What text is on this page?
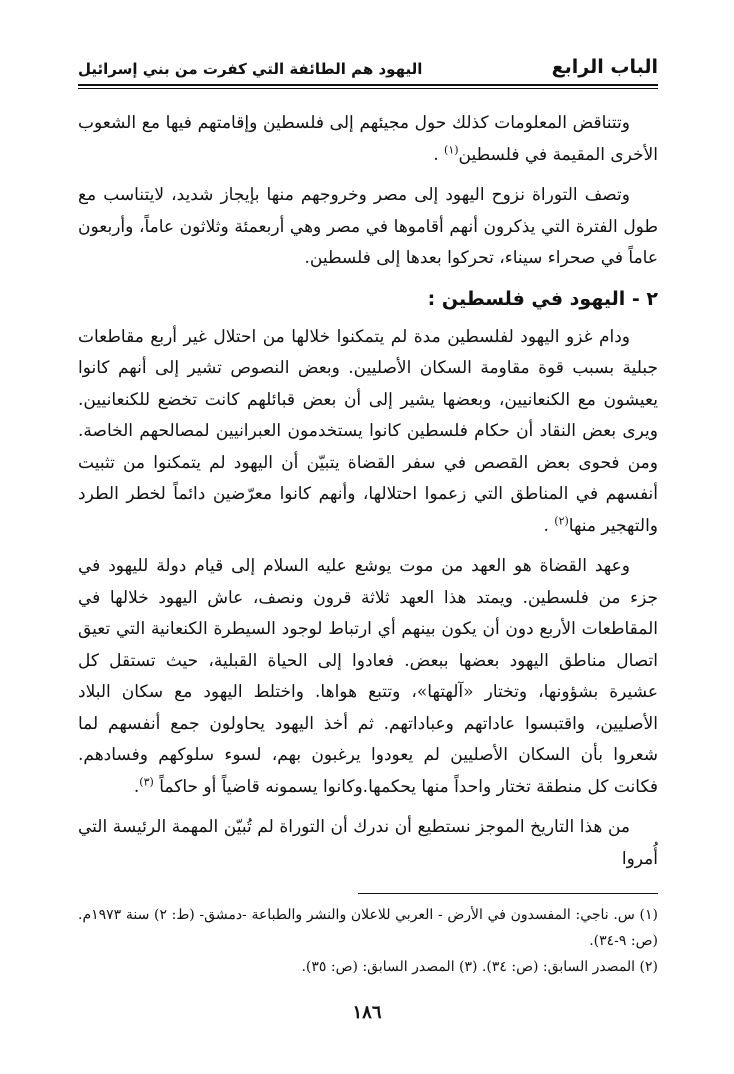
الباب الرابع
اليهود هم الطائفة التي كفرت من بني إسرائيل

وتتناقض المعلومات كذلك حول مجيئهم إلى فلسطين وإقامتهم فيها مع الشعوب الأخرى المقيمة في فلسطين$^{(١)}$ .

وتصف التوراة نزوح اليهود إلى مصر وخروجهم منها بإيجاز شديد، لايتناسب مع طول الفترة التي يذكرون أنهم أقاموها في مصر وهي أربعمئة وثلاثون عاماً، وأربعون عاماً في صحراء سيناء، تحركوا بعدها إلى فلسطين.

٢ - اليهود في فلسطين :

ودام غزو اليهود لفلسطين مدة لم يتمكنوا خلالها من احتلال غير أربع مقاطعات جبلية بسبب قوة مقاومة السكان الأصليين. وبعض النصوص تشير إلى أنهم كانوا يعيشون مع الكنعانيين، وبعضها يشير إلى أن بعض قبائلهم كانت تخضع للكنعانيين. ويرى بعض النقاد أن حكام فلسطين كانوا يستخدمون العبرانيين لمصالحهم الخاصة. ومن فحوى بعض القصص في سفر القضاة يتبيّن أن اليهود لم يتمكنوا من تثبيت أنفسهم في المناطق التي زعموا احتلالها، وأنهم كانوا معرّضين دائماً لخطر الطرد والتهجير منها$^{(٢)}$ .

وعهد القضاة هو العهد من موت يوشع عليه السلام إلى قيام دولة لليهود في جزء من فلسطين. ويمتد هذا العهد ثلاثة قرون ونصف، عاش اليهود خلالها في المقاطعات الأربع دون أن يكون بينهم أي ارتباط لوجود السيطرة الكنعانية التي تعيق اتصال مناطق اليهود بعضها ببعض. فعادوا إلى الحياة القبلية، حيث تستقل كل عشيرة بشؤونها، وتختار «آلهتها»، وتتبع هواها. واختلط اليهود مع سكان البلاد الأصليين، واقتبسوا عاداتهم وعباداتهم. ثم أخذ اليهود يحاولون جمع أنفسهم لما شعروا بأن السكان الأصليين لم يعودوا يرغبون بهم، لسوء سلوكهم وفسادهم. فكانت كل منطقة تختار واحداً منها يحكمها.وكانوا يسمونه قاضياً أو حاكماً $^{(٣)}$.

من هذا التاريخ الموجز نستطيع أن ندرك أن التوراة لم تُبيّن المهمة الرئيسة التي أُمروا

(١) س. ناجي: المفسدون في الأرض - العربي للاعلان والنشر والطباعة -دمشق- (ط: ٢) سنة ١٩٧٣م. (ص: ٩-٣٤).

(٢) المصدر السابق: (ص: ٣٤). (٣) المصدر السابق: (ص: ٣٥).

١٨٦
